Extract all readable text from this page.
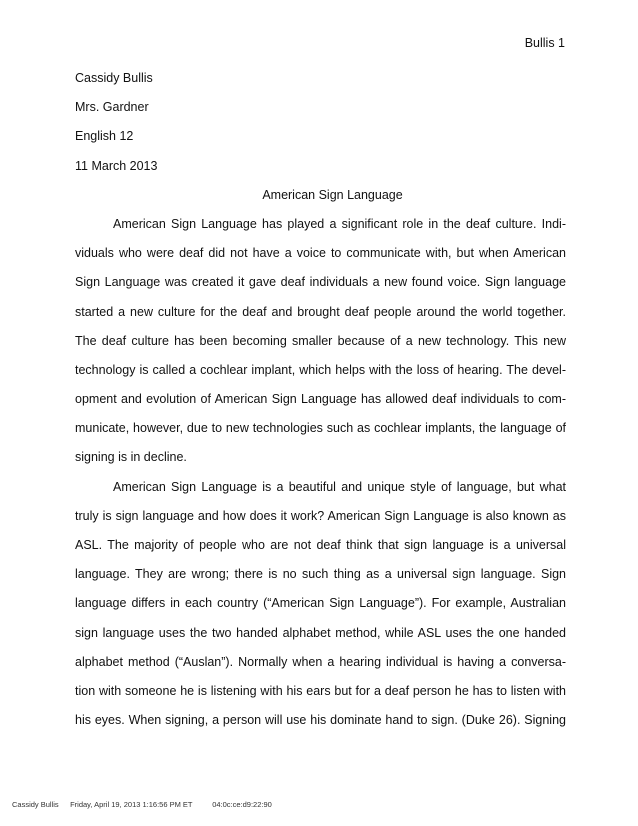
Bullis 1
Cassidy Bullis
Mrs. Gardner
English 12
11 March 2013
American Sign Language
American Sign Language has played a significant role in the deaf culture. Indi-
viduals who were deaf did not have a voice to communicate with, but when American
Sign Language was created it gave deaf individuals a new found voice. Sign language
started a new culture for the deaf and brought deaf people around the world together.
The deaf culture has been becoming smaller because of a new technology. This new
technology is called a cochlear implant, which helps with the loss of hearing. The devel-
opment and evolution of American Sign Language has allowed deaf individuals to com-
municate, however, due to new technologies such as cochlear implants, the language of
signing is in decline.
American Sign Language is a beautiful and unique style of language, but what
truly is sign language and how does it work? American Sign Language is also known as
ASL. The majority of people who are not deaf think that sign language is a universal
language. They are wrong; there is no such thing as a universal sign language. Sign
language differs in each country (“American Sign Language”). For example, Australian
sign language uses the two handed alphabet method, while ASL uses the one handed
alphabet method (“Auslan”). Normally when a hearing individual is having a conversa-
tion with someone he is listening with his ears but for a deaf person he has to listen with
his eyes. When signing, a person will use his dominate hand to sign. (Duke 26). Signing
Cassidy Bullis Friday, April 19, 2013 1:16:56 PM ET	04:0c:ce:d9:22:90
